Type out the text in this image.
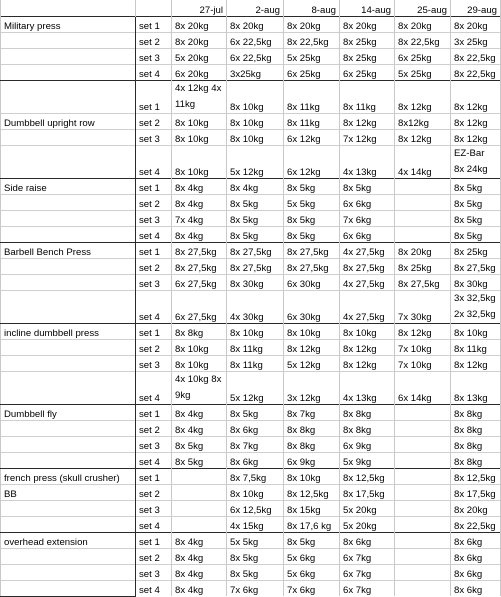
		27-jul	2-aug	8-aug	14-aug	25-aug	29-aug
Military press	set 1	8x 20kg	8x 20kg	8x 20kg	8x 20kg	8x 20kg	8x 20kg
	set 2	8x 20kg	6x 22,5kg	8x 22,5kg	8x 25kg	8x 22,5kg	3x 25kg
	set 3	5x 20kg	6x 22,5kg	5x 25kg	8x 25kg	6x 25kg	8x 22,5kg
	set 4	6x 20kg	3x25kg	6x 25kg	6x 25kg	5x 25kg	8x 22,5kg
	set 1	4x 12kg 4x 11kg	8x 10kg	8x 11kg	8x 11kg	8x 12kg	8x 12kg
Dumbbell upright row	set 2	8x 10kg	8x 10kg	8x 11kg	8x 12kg	8x12kg	8x 12kg
	set 3	8x 10kg	8x 10kg	6x 12kg	7x 12kg	8x 12kg	8x 12kg
	set 4	8x 10kg	5x 12kg	6x 12kg	4x 13kg	4x 14kg	EZ-Bar 8x 24kg
Side raise	set 1	8x 4kg	8x 4kg	8x 5kg	8x 5kg		8x 5kg
	set 2	8x 4kg	8x 5kg	5x 5kg	6x 6kg		8x 5kg
	set 3	7x 4kg	8x 5kg	8x 5kg	7x 6kg		8x 5kg
	set 4	8x 4kg	8x 5kg	8x 5kg	6x 6kg		8x 5kg
Barbell Bench Press	set 1	8x 27,5kg	8x 27,5kg	8x 27,5kg	4x 27,5kg	8x 20kg	8x 25kg
	set 2	8x 27,5kg	8x 27,5kg	8x 27,5kg	8x 27,5kg	8x 25kg	8x 27,5kg
	set 3	6x 27,5kg	8x 30kg	6x 30kg	4x 27,5kg	8x 27,5kg	8x 30kg
	set 4	6x 27,5kg	4x 30kg	6x 30kg	4x 27,5kg	7x 30kg	3x 32,5kg 2x 32,5kg
incline dumbbell press	set 1	8x 8kg	8x 10kg	8x 10kg	8x 10kg	8x 12kg	8x 10kg
	set 2	8x 10kg	8x 11kg	8x 12kg	8x 12kg	7x 10kg	8x 11kg
	set 3	8x 10kg	8x 11kg	5x 12kg	8x 12kg	7x 10kg	8x 12kg
	set 4	4x 10kg 8x 9kg	5x 12kg	3x 12kg	4x 13kg	6x 14kg	8x 13kg
Dumbbell fly	set 1	8x 4kg	8x 5kg	8x 7kg	8x 8kg		8x 8kg
	set 2	8x 4kg	8x 6kg	8x 8kg	8x 8kg		8x 8kg
	set 3	8x 5kg	8x 7kg	8x 8kg	6x 9kg		8x 8kg
	set 4	8x 5kg	8x 6kg	6x 9kg	5x 9kg		8x 8kg
french press (skull crusher)	set 1		8x 7,5kg	8x 10kg	8x 12,5kg		8x 12,5kg
BB	set 2		8x 10kg	8x 12,5kg	8x 17,5kg		8x 17,5kg
	set 3		6x 12,5kg	8x 15kg	5x 20kg		8x 20kg
	set 4		4x 15kg	8x 17,6 kg	5x 20kg		8x 22,5kg
overhead extension	set 1	8x 4kg	5x 5kg	8x 5kg	8x 6kg		8x 6kg
	set 2	8x 4kg	8x 5kg	5x 6kg	6x 7kg		8x 6kg
	set 3	8x 4kg	8x 5kg	5x 6kg	6x 7kg		8x 6kg
	set 4	8x 4kg	7x 6kg	7x 6kg	6x 7kg		8x 6kg
